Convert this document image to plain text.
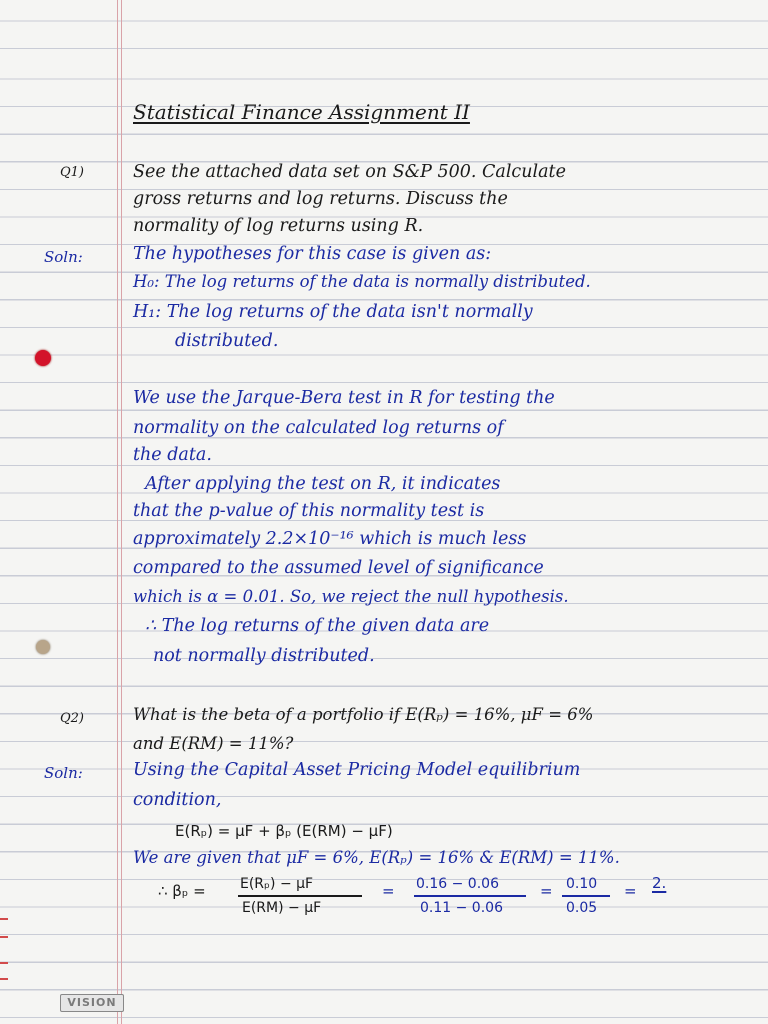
Statistical Finance Assignment II
Q1)	See the attached data set on S&P 500. Calculate
gross returns and log returns. Discuss the
normality of log returns using R.
Soln:	The hypotheses for this case is given as:
H₀: The log returns of the data is normally distributed.
H₁: The log returns of the data isn't normally
distributed.
We use the Jarque-Bera test in R for testing the
normality on the calculated log returns of
the data.
After applying the test on R, it indicates
that the p-value of this normality test is
approximately 2.2×10⁻¹⁶ which is much less
compared to the assumed level of significance
which is α = 0.01. So, we reject the null hypothesis.
∴ The log returns of the given data are
not normally distributed.
Q2)	What is the beta of a portfolio if E(Rₚ) = 16%, μF = 6%
and E(RM) = 11%?
Soln:	Using the Capital Asset Pricing Model equilibrium
condition,
E(Rₚ) = μF + βₚ (E(RM) − μF)
We are given that μF = 6%, E(Rₚ) = 16% & E(RM) = 11%.
∴ βₚ = E(Rₚ) − μF
E(RM) − μF
= 0.16 − 0.06
0.11 − 0.06
= 0.10
0.05
= 2.
VISION
